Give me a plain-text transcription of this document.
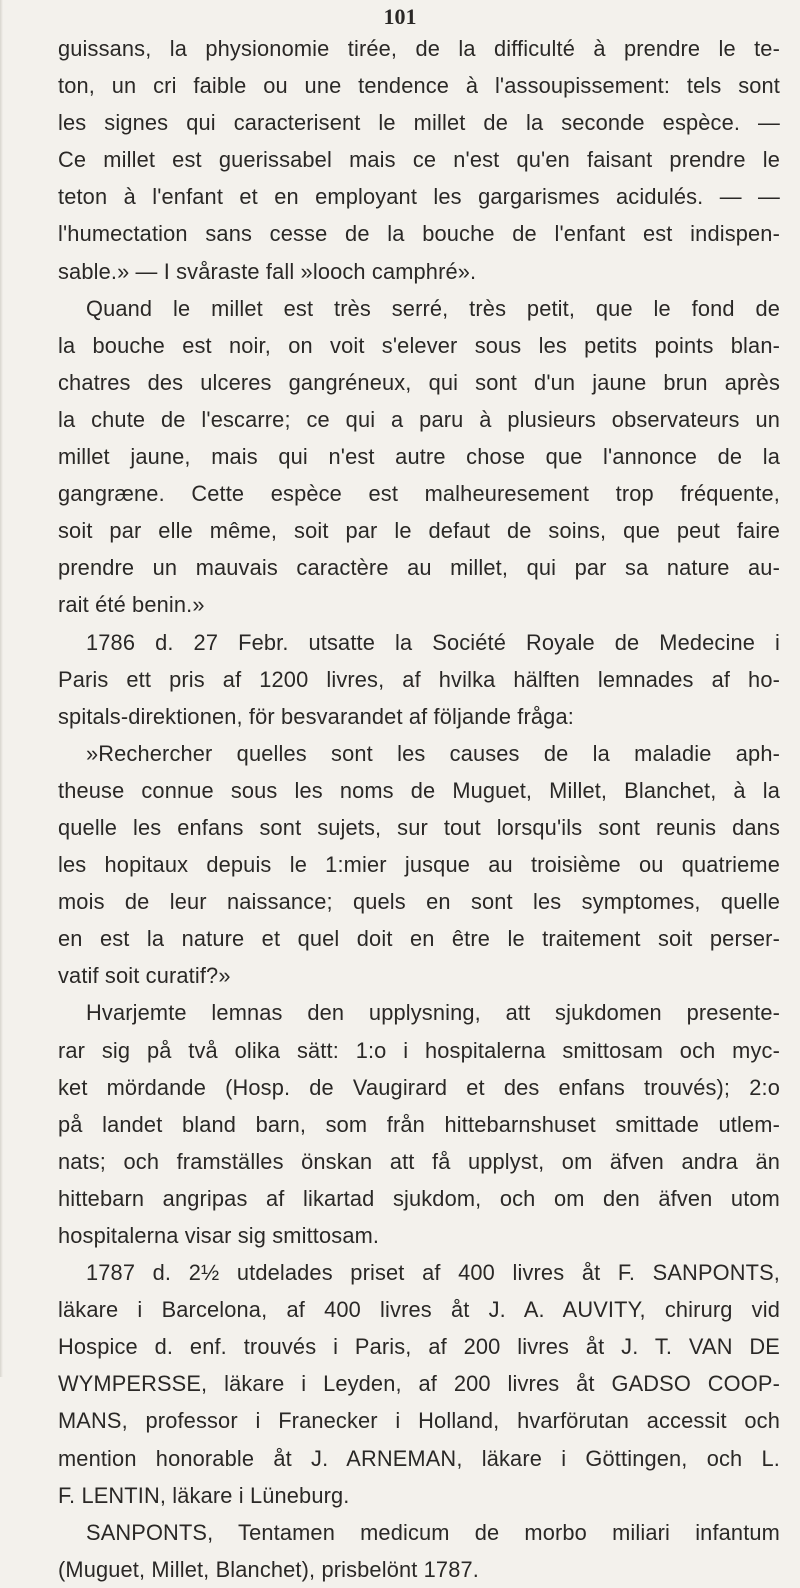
101
guissans, la physionomie tirée, de la difficulté à prendre le te-
ton, un cri faible ou une tendence à l'assoupissement: tels sont
les signes qui caracterisent le millet de la seconde espèce. —
Ce millet est guerissabel mais ce n'est qu'en faisant prendre le
teton à l'enfant et en employant les gargarismes acidulés. — —
l'humectation sans cesse de la bouche de l'enfant est indispen-
sable.» — I svåraste fall »looch camphré».
Quand le millet est très serré, très petit, que le fond de
la bouche est noir, on voit s'elever sous les petits points blan-
chatres des ulceres gangréneux, qui sont d'un jaune brun après
la chute de l'escarre; ce qui a paru à plusieurs observateurs un
millet jaune, mais qui n'est autre chose que l'annonce de la
gangræne. Cette espèce est malheuresement trop fréquente,
soit par elle même, soit par le defaut de soins, que peut faire
prendre un mauvais caractère au millet, qui par sa nature au-
rait été benin.»
1786 d. 27 Febr. utsatte la Société Royale de Medecine i
Paris ett pris af 1200 livres, af hvilka hälften lemnades af ho-
spitals-direktionen, för besvarandet af följande fråga:
»Rechercher quelles sont les causes de la maladie aph-
theuse connue sous les noms de Muguet, Millet, Blanchet, à la
quelle les enfans sont sujets, sur tout lorsqu'ils sont reunis dans
les hopitaux depuis le 1:mier jusque au troisième ou quatrieme
mois de leur naissance; quels en sont les symptomes, quelle
en est la nature et quel doit en être le traitement soit perser-
vatif soit curatif?»
Hvarjemte lemnas den upplysning, att sjukdomen presente-
rar sig på två olika sätt: 1:o i hospitalerna smittosam och myc-
ket mördande (Hosp. de Vaugirard et des enfans trouvés); 2:o
på landet bland barn, som från hittebarnshuset smittade utlem-
nats; och framställes önskan att få upplyst, om äfven andra än
hittebarn angripas af likartad sjukdom, och om den äfven utom
hospitalerna visar sig smittosam.
1787 d. 2½ utdelades priset af 400 livres åt F. SANPONTS,
läkare i Barcelona, af 400 livres åt J. A. AUVITY, chirurg vid
Hospice d. enf. trouvés i Paris, af 200 livres åt J. T. VAN DE
WYMPERSSE, läkare i Leyden, af 200 livres åt GADSO COOP-
MANS, professor i Franecker i Holland, hvarförutan accessit och
mention honorable åt J. ARNEMAN, läkare i Göttingen, och L.
F. LENTIN, läkare i Lüneburg.
SANPONTS, Tentamen medicum de morbo miliari infantum
(Muguet, Millet, Blanchet), prisbelönt 1787.
